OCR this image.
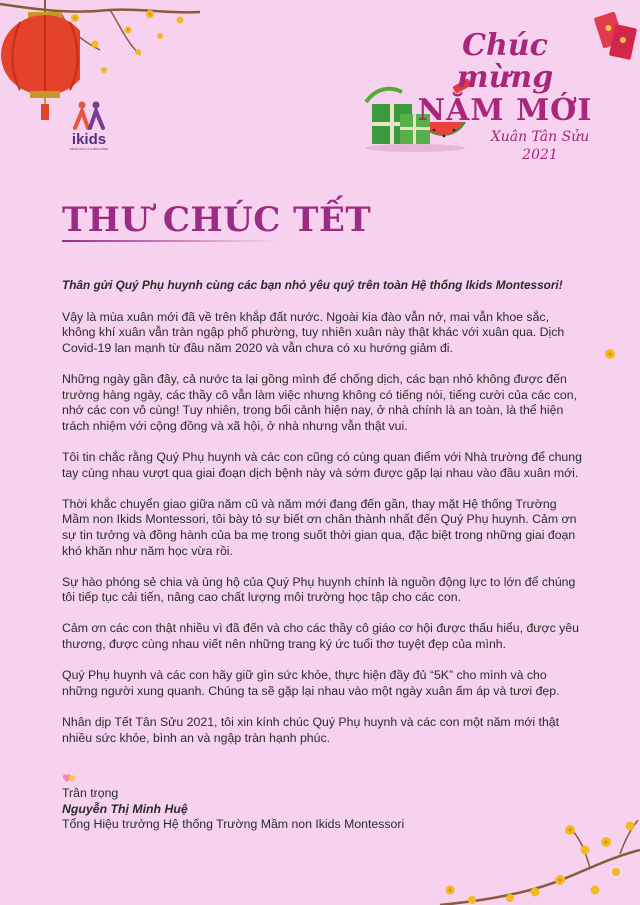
ikids
EM ĐƯỢC LÀ CHÍNH MÌNH
Chúc mừng
NĂM MỚI
Xuân Tân Sửu 2021
THƯ CHÚC TẾT

Thân gửi Quý Phụ huynh cùng các bạn nhỏ yêu quý trên toàn Hệ thống Ikids Montessori!

Vậy là mùa xuân mới đã về trên khắp đất nước. Ngoài kia đào vẫn nở, mai vẫn khoe sắc, không khí xuân vẫn tràn ngập phố phường, tuy nhiên xuân này thật khác với xuân qua. Dịch Covid-19 lan mạnh từ đầu năm 2020 và vẫn chưa có xu hướng giảm đi.

Những ngày gần đây, cả nước ta lại gồng mình để chống dịch, các bạn nhỏ không được đến trường hàng ngày, các thầy cô vẫn làm việc nhưng không có tiếng nói, tiếng cười của các con, nhớ các con vô cùng! Tuy nhiên, trong bối cảnh hiện nay, ở nhà chính là an toàn, là thể hiện trách nhiệm với cộng đồng và xã hội, ở nhà nhưng vẫn thật vui.

Tôi tin chắc rằng Quý Phụ huynh và các con cũng có cùng quan điểm với Nhà trường để chung tay cùng nhau vượt qua giai đoạn dịch bệnh này và sớm được gặp lại nhau vào đầu xuân mới.

Thời khắc chuyển giao giữa năm cũ và năm mới đang đến gần, thay mặt Hệ thống Trường Mầm non Ikids Montessori, tôi bày tỏ sự biết ơn chân thành nhất đến Quý Phụ huynh. Cảm ơn sự tin tưởng và đồng hành của ba mẹ trong suốt thời gian qua, đặc biệt trong những giai đoạn khó khăn như năm học vừa rồi.

Sự hào phóng sẻ chia và ủng hộ của Quý Phụ huynh chính là nguồn động lực to lớn để chúng tôi tiếp tục cải tiến, nâng cao chất lượng môi trường học tập cho các con.

Cảm ơn các con thật nhiều vì đã đến và cho các thầy cô giáo cơ hội được thấu hiểu, được yêu thương, được cùng nhau viết nên những trang ký ức tuổi thơ tuyệt đẹp của mình.

Quý Phụ huynh và các con hãy giữ gìn sức khỏe, thực hiện đầy đủ “5K” cho mình và cho những người xung quanh. Chúng ta sẽ gặp lại nhau vào một ngày xuân ấm áp và tươi đẹp.

Nhân dịp Tết Tân Sửu 2021, tôi xin kính chúc Quý Phụ huynh và các con một năm mới thật nhiều sức khỏe, bình an và ngập tràn hạnh phúc.

Trân trọng
Nguyễn Thị Minh Huệ
Tổng Hiệu trưởng Hệ thống Trường Mầm non Ikids Montessori
